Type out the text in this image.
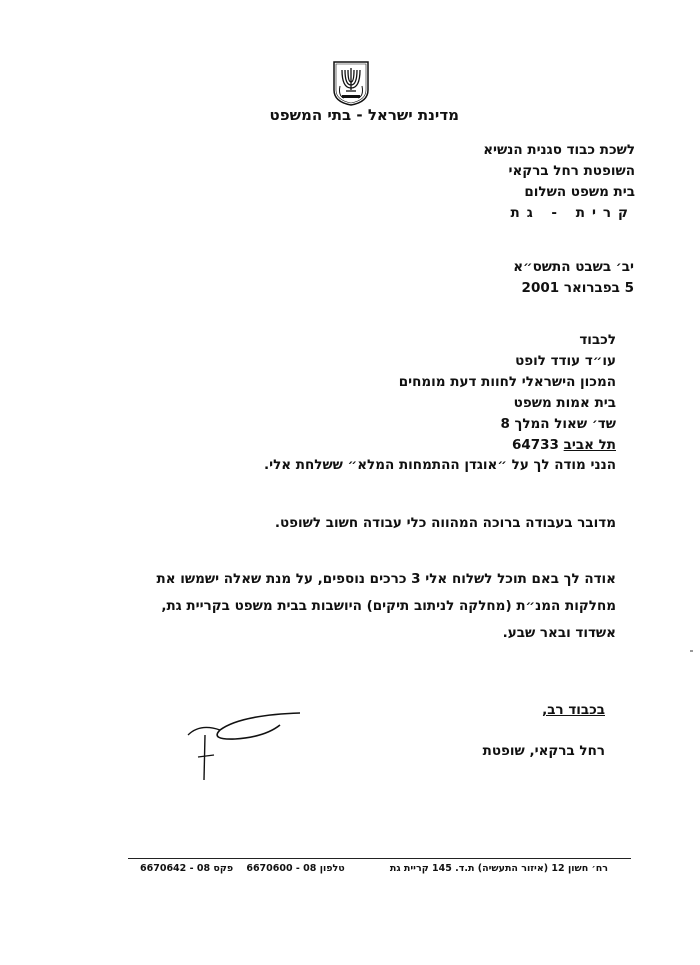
מדינת ישראל - בתי המשפט
לשכת כבוד סגנית הנשיא
השופטת רחל ברקאי
בית משפט השלום
קרית - גת
יב׳ בשבט התשס״א
5 בפברואר 2001
לכבוד
עו״ד עודד לופט
המכון הישראלי לחוות דעת מומחים
בית אמות משפט
שד׳ שאול המלך 8
תל אביב 64733
הנני מודה לך על ״אוגדן ההתמחות המלא״ ששלחת אלי.
מדובר בעבודה ברוכה המהווה כלי עבודה חשוב לשופט.
אודה לך באם תוכל לשלוח אלי 3 כרכים נוספים, על מנת שאלה ישמשו את
מחלקות המנ״ת (מחלקה לניתוב תיקים) היושבות בבית משפט בקריית גת,
אשדוד ובאר שבע.
בכבוד רב,
רחל ברקאי, שופטת
רח׳ חשון 12 (איזור התעשיה) ת.ד. 145 קריית גת
טלפון 08 - 6670600    פקס 08 - 6670642
